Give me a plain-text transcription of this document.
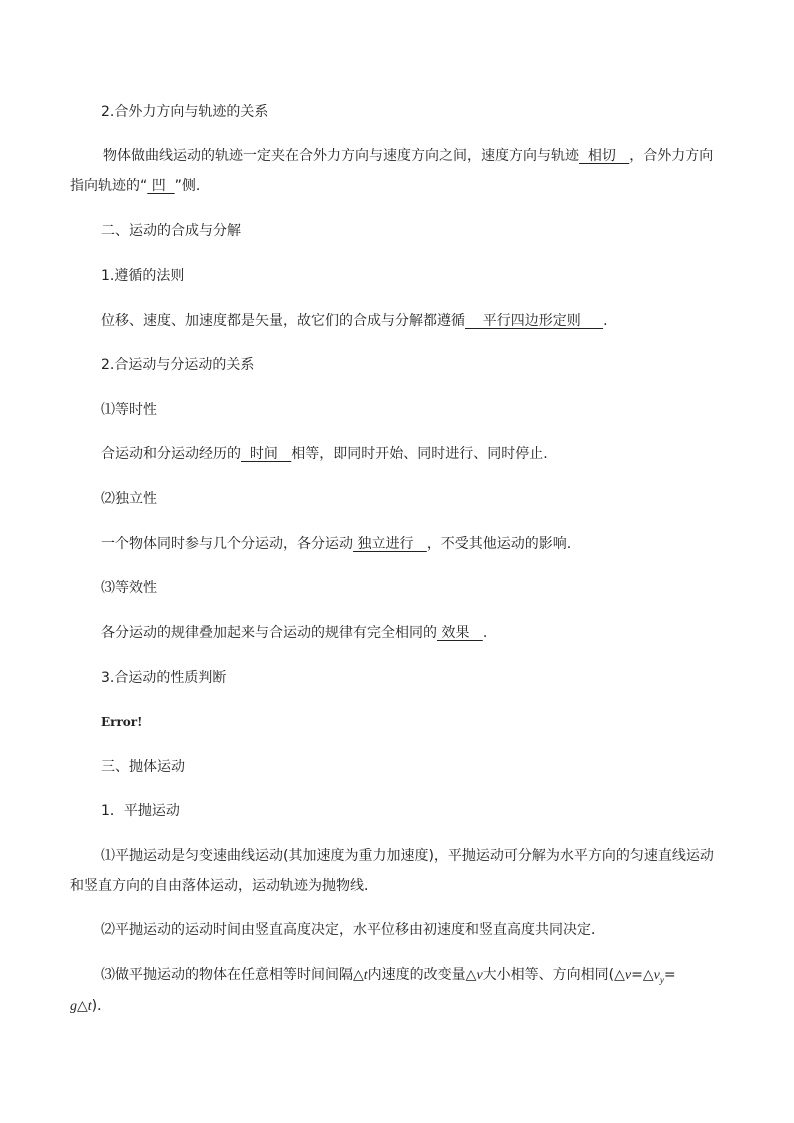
2.合外力方向与轨迹的关系
物体做曲线运动的轨迹一定夹在合外力方向与速度方向之间，速度方向与轨迹  相切   ，合外力方向
指向轨迹的“ 凹  ”侧.
二、运动的合成与分解
1.遵循的法则
位移、速度、加速度都是矢量，故它们的合成与分解都遵循    平行四边形定则     .
2.合运动与分运动的关系
⑴等时性
合运动和分运动经历的  时间   相等，即同时开始、同时进行、同时停止.
⑵独立性
一个物体同时参与几个分运动，各分运动 独立进行   ，不受其他运动的影响.
⑶等效性
各分运动的规律叠加起来与合运动的规律有完全相同的 效果   .
3.合运动的性质判断
Error!
三、抛体运动
1．平抛运动
⑴平抛运动是匀变速曲线运动(其加速度为重力加速度)，平抛运动可分解为水平方向的匀速直线运动
和竖直方向的自由落体运动，运动轨迹为抛物线．
⑵平抛运动的运动时间由竖直高度决定，水平位移由初速度和竖直高度共同决定．
⑶做平抛运动的物体在任意相等时间间隔△t内速度的改变量△v大小相等、方向相同($\triangle v=\triangle v_y=$
g△t)．
